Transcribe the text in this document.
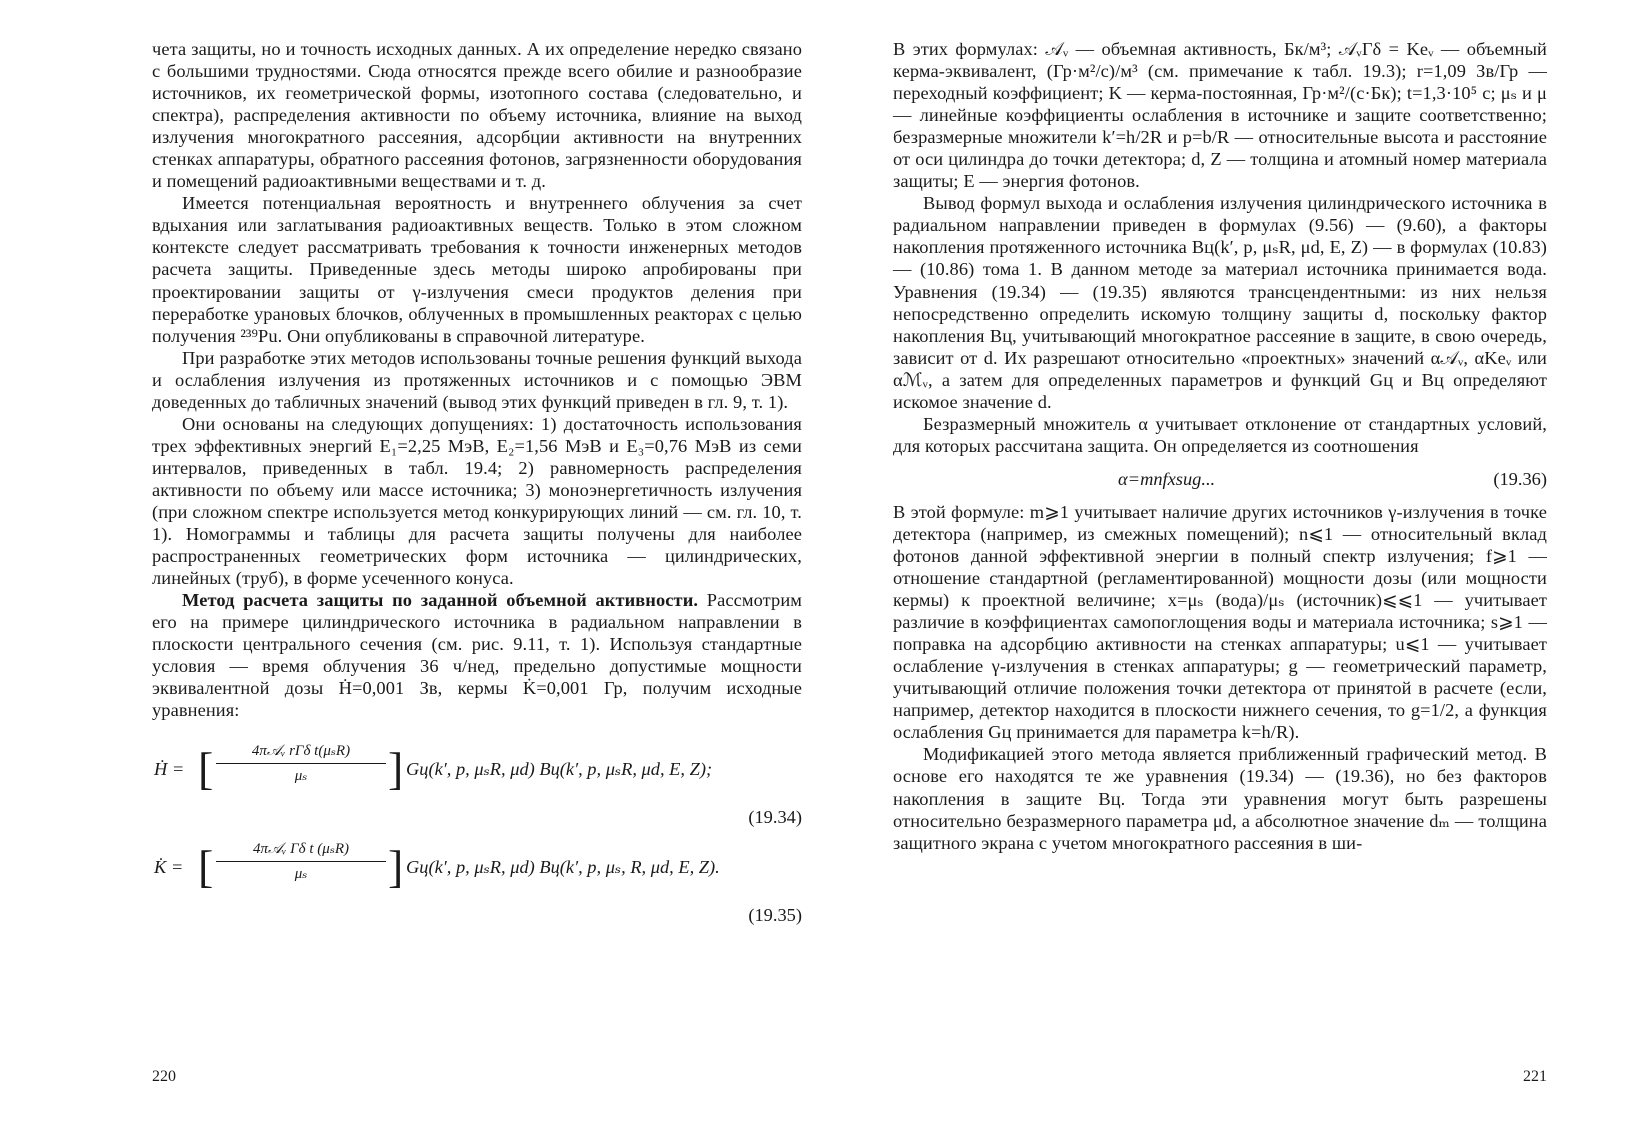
чета защиты, но и точность исходных данных. А их определение нередко связано с большими трудностями. Сюда относятся прежде всего обилие и разнообразие источников, их геометрической формы, изотопного состава (следовательно, и спектра), распределения активности по объему источника, влияние на выход излучения многократного рассеяния, адсорбции активности на внутренних стенках аппаратуры, обратного рассеяния фотонов, загрязненности оборудования и помещений радиоактивными веществами и т. д.

Имеется потенциальная вероятность и внутреннего облучения за счет вдыхания или заглатывания радиоактивных веществ. Только в этом сложном контексте следует рассматривать требования к точности инженерных методов расчета защиты. Приведенные здесь методы широко апробированы при проектировании защиты от γ-излучения смеси продуктов деления при переработке урановых блочков, облученных в промышленных реакторах с целью получения ²³⁹Pu. Они опубликованы в справочной литературе.

При разработке этих методов использованы точные решения функций выхода и ослабления излучения из протяженных источников и с помощью ЭВМ доведенных до табличных значений (вывод этих функций приведен в гл. 9, т. 1).

Они основаны на следующих допущениях: 1) достаточность использования трех эффективных энергий E₁=2,25 МэВ, E₂=1,56 МэВ и E₃=0,76 МэВ из семи интервалов, приведенных в табл. 19.4; 2) равномерность распределения активности по объему или массе источника; 3) моноэнергетичность излучения (при сложном спектре используется метод конкурирующих линий — см. гл. 10, т. 1). Номограммы и таблицы для расчета защиты получены для наиболее распространенных геометрических форм источника — цилиндрических, линейных (труб), в форме усеченного конуса.

Метод расчета защиты по заданной объемной активности. Рассмотрим его на примере цилиндрического источника в радиальном направлении в плоскости центрального сечения (см. рис. 9.11, т. 1). Используя стандартные условия — время облучения 36 ч/нед, предельно допустимые мощности эквивалентной дозы Ḣ=0,001 Зв, кермы K̇=0,001 Гр, получим исходные уравнения:

Ḣ = [	4π𝒜ᵥ rΓδ t(μₛR)
μₛ	] Gц(k′, p, μₛR, μd) Bц(k′, p, μₛR, μd, E, Z);
(19.34)
K̇ = [	4π𝒜ᵥ Γδ t (μₛR)
μₛ	] Gц(k′, p, μₛR, μd) Bц(k′, p, μₛ, R, μd, E, Z).
(19.35)
220

В этих формулах: 𝒜ᵥ — объемная активность, Бк/м³; 𝒜ᵥΓδ = Kеᵥ — объемный керма-эквивалент, (Гр·м²/с)/м³ (см. примечание к табл. 19.3); r=1,09 Зв/Гр — переходный коэффициент; K — керма-постоянная, Гр·м²/(с·Бк); t=1,3·10⁵ с; μₛ и μ — линейные коэффициенты ослабления в источнике и защите соответственно; безразмерные множители k′=h/2R и p=b/R — относительные высота и расстояние от оси цилиндра до точки детектора; d, Z — толщина и атомный номер материала защиты; E — энергия фотонов.

Вывод формул выхода и ослабления излучения цилиндрического источника в радиальном направлении приведен в формулах (9.56) — (9.60), а факторы накопления протяженного источника Bц(k′, p, μₛR, μd, E, Z) — в формулах (10.83) — (10.86) тома 1. В данном методе за материал источника принимается вода. Уравнения (19.34) — (19.35) являются трансцендентными: из них нельзя непосредственно определить искомую толщину защиты d, поскольку фактор накопления Bц, учитывающий многократное рассеяние в защите, в свою очередь, зависит от d. Их разрешают относительно «проектных» значений α𝒜ᵥ, αKеᵥ или αℳᵥ, а затем для определенных параметров и функций Gц и Bц определяют искомое значение d.

Безразмерный множитель α учитывает отклонение от стандартных условий, для которых рассчитана защита. Он определяется из соотношения

α=mnfxsug...	(19.36)

В этой формуле: m⩾1 учитывает наличие других источников γ-излучения в точке детектора (например, из смежных помещений); n⩽1 — относительный вклад фотонов данной эффективной энергии в полный спектр излучения; f⩾1 — отношение стандартной (регламентированной) мощности дозы (или мощности кермы) к проектной величине; x=μₛ (вода)/μₛ (источник)⩽⩽1 — учитывает различие в коэффициентах самопоглощения воды и материала источника; s⩾1 — поправка на адсорбцию активности на стенках аппаратуры; u⩽1 — учитывает ослабление γ-излучения в стенках аппаратуры; g — геометрический параметр, учитывающий отличие положения точки детектора от принятой в расчете (если, например, детектор находится в плоскости нижнего сечения, то g=1/2, а функция ослабления Gц принимается для параметра k=h/R).

Модификацией этого метода является приближенный графический метод. В основе его находятся те же уравнения (19.34) — (19.36), но без факторов накопления в защите Bц. Тогда эти уравнения могут быть разрешены относительно безразмерного параметра μd, а абсолютное значение dₘ — толщина защитного экрана с учетом многократного рассеяния в ши-

221
